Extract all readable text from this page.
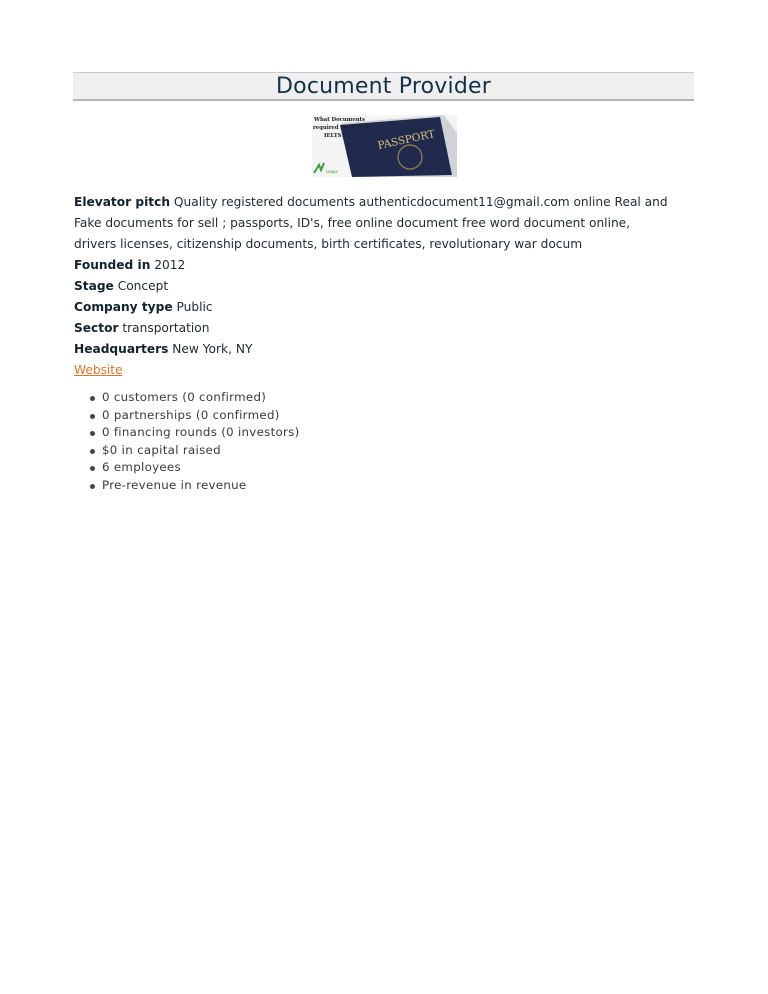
Document Provider
PASSPORT
What Documents
required for PTE &
IELTS?
Leaps

Elevator pitch Quality registered documents authenticdocument11@gmail.com online Real and Fake documents for sell ; passports, ID's, free online document free word document online, drivers licenses, citizenship documents, birth certificates, revolutionary war docum

Founded in 2012

Stage Concept

Company type Public

Sector transportation

Headquarters New York, NY

Website
0 customers (0 confirmed)
0 partnerships (0 confirmed)
0 financing rounds (0 investors)
$0 in capital raised
6 employees
Pre-revenue in revenue
